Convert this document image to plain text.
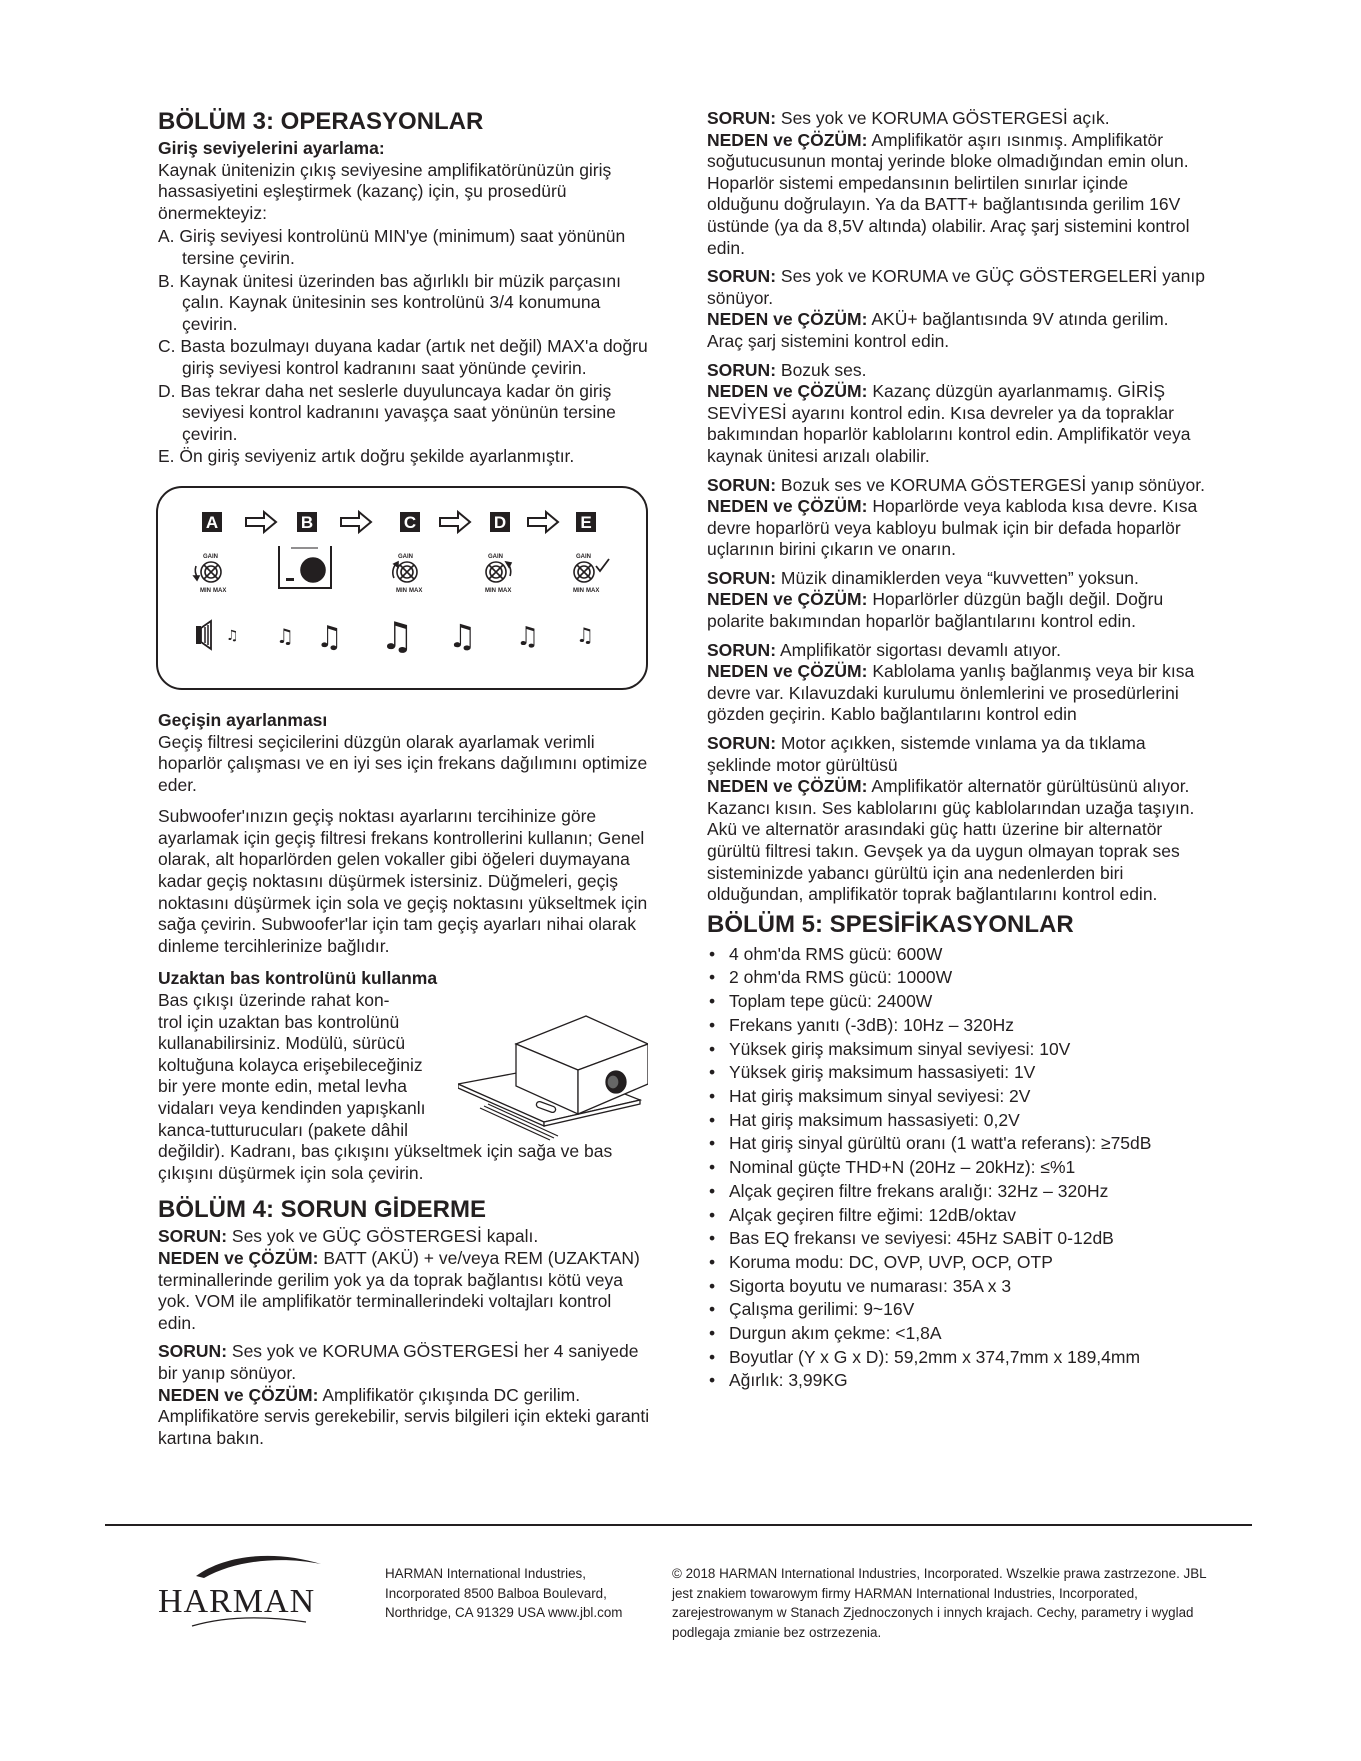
BÖLÜM 3: OPERASYONLAR
Giriş seviyelerini ayarlama:

Kaynak ünitenizin çıkış seviyesine amplifikatörünüzün giriş hassasiyetini eşleştirmek (kazanç) için, şu prosedürü önermekteyiz:

A. Giriş seviyesi kontrolünü MIN'ye (minimum) saat yönünün tersine çevirin.
B. Kaynak ünitesi üzerinden bas ağırlıklı bir müzik parçasını çalın. Kaynak ünitesinin ses kontrolünü 3/4 konumuna çevirin.
C. Basta bozulmayı duyana kadar (artık net değil) MAX'a doğru giriş seviyesi kontrol kadranını saat yönünde çevirin.
D. Bas tekrar daha net seslerle duyuluncaya kadar ön giriş seviyesi kontrol kadranını yavaşça saat yönünün tersine çevirin.
E. Ön giriş seviyeniz artık doğru şekilde ayarlanmıştır.
A	B	C	D	E
GAIN
MIN MAX
GAIN
MIN MAX
GAIN
MIN MAX
GAIN
MIN MAX
♫ ♫ ♫ ♫ ♫ ♫ ♫
Geçişin ayarlanması

Geçiş filtresi seçicilerini düzgün olarak ayarlamak verimli hoparlör çalışması ve en iyi ses için frekans dağılımını optimize eder.

Subwoofer'ınızın geçiş noktası ayarlarını tercihinize göre ayarlamak için geçiş filtresi frekans kontrollerini kullanın; Genel olarak, alt hoparlörden gelen vokaller gibi öğeleri duymayana kadar geçiş noktasını düşürmek istersiniz. Düğmeleri, geçiş noktasını düşürmek için sola ve geçiş noktasını yükseltmek için sağa çevirin. Subwoofer'lar için tam geçiş ayarları nihai olarak dinleme tercihlerinize bağlıdır.

Uzaktan bas kontrolünü kullanma
Bas çıkışı üzerinde rahat kon-
trol için uzaktan bas kontrolünü
kullanabilirsiniz. Modülü, sürücü
koltuğuna kolayca erişebileceğiniz
bir yere monte edin, metal levha
vidaları veya kendinden yapışkanlı
kanca-tutturucuları (pakete dâhil
değildir). Kadranı, bas çıkışını yükseltmek için sağa ve bas çıkışını düşürmek için sola çevirin.
BÖLÜM 4: SORUN GİDERME
SORUN: Ses yok ve GÜÇ GÖSTERGESİ kapalı.
NEDEN ve ÇÖZÜM: BATT (AKÜ) + ve/veya REM (UZAKTAN) terminallerinde gerilim yok ya da toprak bağlantısı kötü veya yok. VOM ile amplifikatör terminallerindeki voltajları kontrol edin.
SORUN: Ses yok ve KORUMA GÖSTERGESİ her 4 saniyede bir yanıp sönüyor.
NEDEN ve ÇÖZÜM: Amplifikatör çıkışında DC gerilim. Amplifikatöre servis gerekebilir, servis bilgileri için ekteki garanti kartına bakın.
SORUN: Ses yok ve KORUMA GÖSTERGESİ açık.
NEDEN ve ÇÖZÜM: Amplifikatör aşırı ısınmış. Amplifikatör soğutucusunun montaj yerinde bloke olmadığından emin olun. Hoparlör sistemi empedansının belirtilen sınırlar içinde olduğunu doğrulayın. Ya da BATT+ bağlantısında gerilim 16V üstünde (ya da 8,5V altında) olabilir. Araç şarj sistemini kontrol edin.
SORUN: Ses yok ve KORUMA ve GÜÇ GÖSTERGELERİ yanıp sönüyor.
NEDEN ve ÇÖZÜM: AKÜ+ bağlantısında 9V atında gerilim. Araç şarj sistemini kontrol edin.
SORUN: Bozuk ses.
NEDEN ve ÇÖZÜM: Kazanç düzgün ayarlanmamış. GİRİŞ SEVİYESİ ayarını kontrol edin. Kısa devreler ya da topraklar bakımından hoparlör kablolarını kontrol edin. Amplifikatör veya kaynak ünitesi arızalı olabilir.
SORUN: Bozuk ses ve KORUMA GÖSTERGESİ yanıp sönüyor.
NEDEN ve ÇÖZÜM: Hoparlörde veya kabloda kısa devre. Kısa devre hoparlörü veya kabloyu bulmak için bir defada hoparlör uçlarının birini çıkarın ve onarın.
SORUN: Müzik dinamiklerden veya “kuvvetten” yoksun.
NEDEN ve ÇÖZÜM: Hoparlörler düzgün bağlı değil. Doğru polarite bakımından hoparlör bağlantılarını kontrol edin.
SORUN: Amplifikatör sigortası devamlı atıyor.
NEDEN ve ÇÖZÜM: Kablolama yanlış bağlanmış veya bir kısa devre var. Kılavuzdaki kurulumu önlemlerini ve prosedürlerini gözden geçirin. Kablo bağlantılarını kontrol edin
SORUN: Motor açıkken, sistemde vınlama ya da tıklama şeklinde motor gürültüsü
NEDEN ve ÇÖZÜM: Amplifikatör alternatör gürültüsünü alıyor. Kazancı kısın. Ses kablolarını güç kablolarından uzağa taşıyın. Akü ve alternatör arasındaki güç hattı üzerine bir alternatör gürültü filtresi takın. Gevşek ya da uygun olmayan toprak ses sisteminizde yabancı gürültü için ana nedenlerden biri olduğundan, amplifikatör toprak bağlantılarını kontrol edin.
BÖLÜM 5: SPESİFİKASYONLAR
• 4 ohm'da RMS gücü: 600W
• 2 ohm'da RMS gücü: 1000W
• Toplam tepe gücü: 2400W
• Frekans yanıtı (-3dB): 10Hz – 320Hz
• Yüksek giriş maksimum sinyal seviyesi: 10V
• Yüksek giriş maksimum hassasiyeti: 1V
• Hat giriş maksimum sinyal seviyesi: 2V
• Hat giriş maksimum hassasiyeti: 0,2V
• Hat giriş sinyal gürültü oranı (1 watt'a referans): ≥75dB
• Nominal güçte THD+N (20Hz – 20kHz): ≤%1
• Alçak geçiren filtre frekans aralığı: 32Hz – 320Hz
• Alçak geçiren filtre eğimi: 12dB/oktav
• Bas EQ frekansı ve seviyesi: 45Hz SABİT 0-12dB
• Koruma modu: DC, OVP, UVP, OCP, OTP
• Sigorta boyutu ve numarası: 35A x 3
• Çalışma gerilimi: 9~16V
• Durgun akım çekme: <1,8A
• Boyutlar (Y x G x D): 59,2mm x 374,7mm x 189,4mm
• Ağırlık: 3,99KG
HARMAN
HARMAN International Industries, Incorporated 8500 Balboa Boulevard, Northridge, CA 91329 USA www.jbl.com
© 2018 HARMAN International Industries, Incorporated. Wszelkie prawa zastrzezone. JBL jest znakiem towarowym firmy HARMAN International Industries, Incorporated, zarejestrowanym w Stanach Zjednoczonych i innych krajach. Cechy, parametry i wyglad podlegaja zmianie bez ostrzezenia.
